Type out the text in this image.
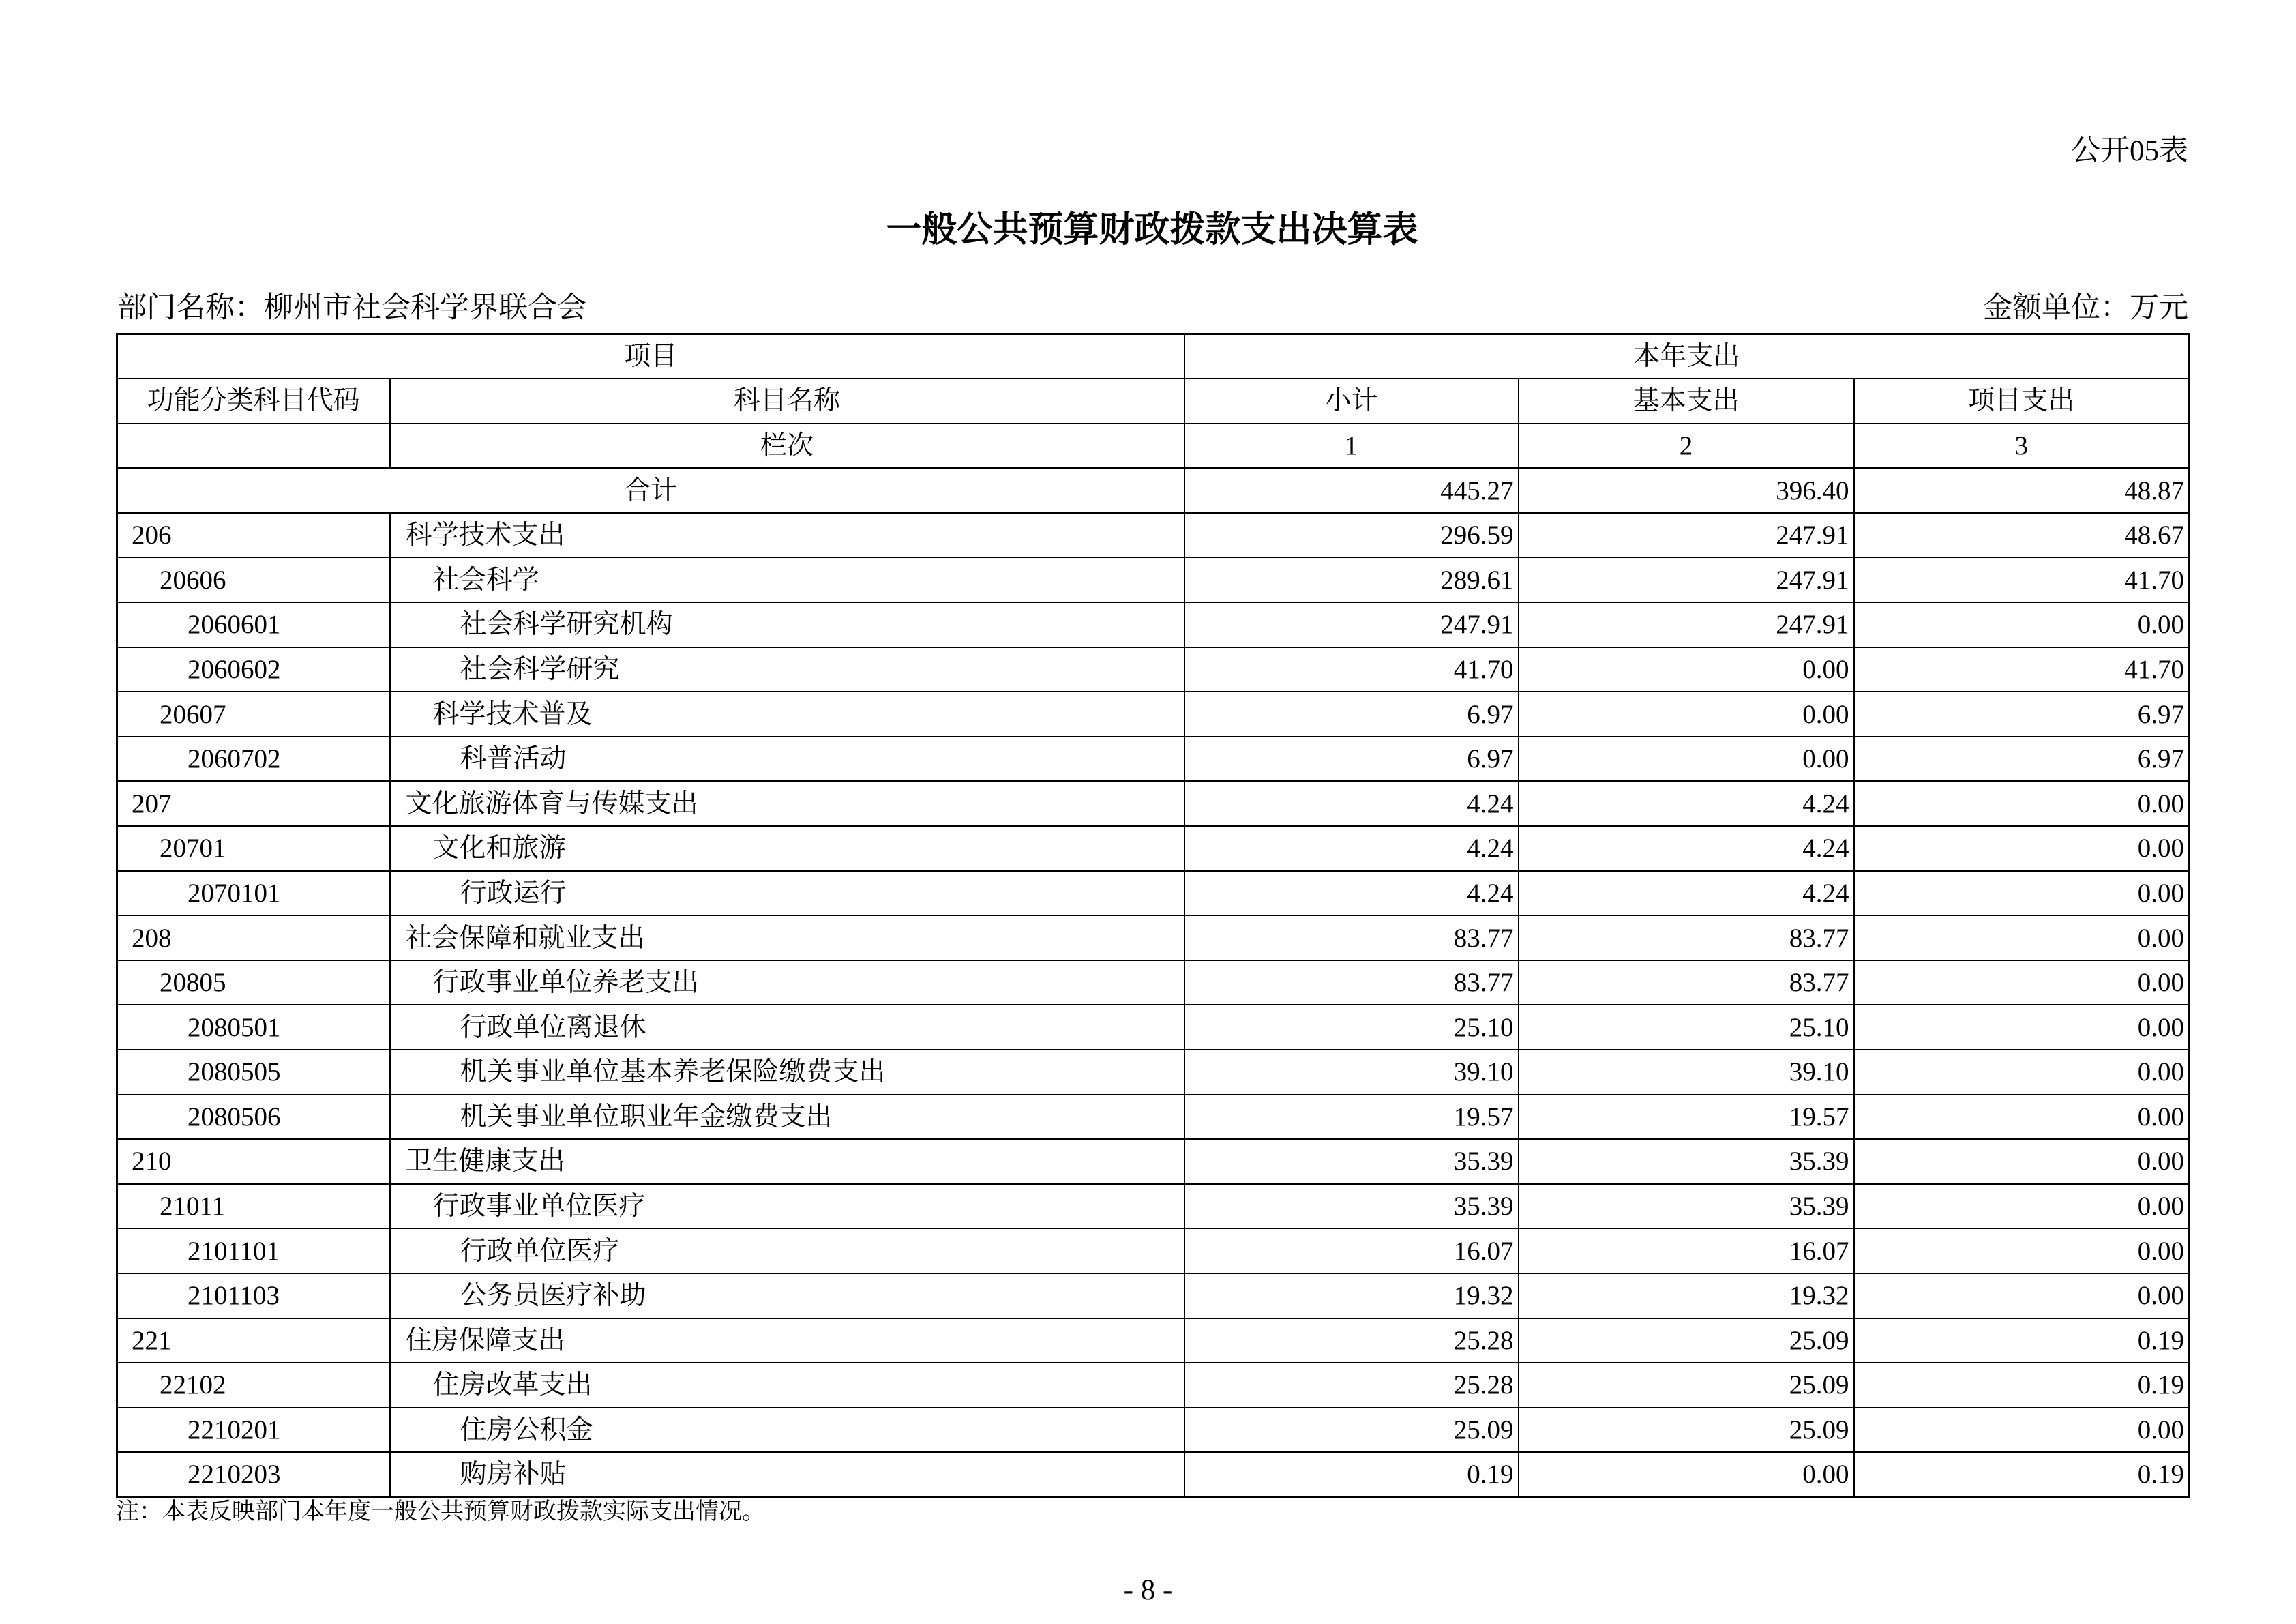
公开05表
一般公共预算财政拨款支出决算表
部门名称：柳州市社会科学界联合会	金额单位：万元
项目		本年支出		
功能分类科目代码	科目名称	小计	基本支出	项目支出
	栏次	1	2	3
合计		445.27	396.40	48.87
206	科学技术支出	296.59	247.91	48.67
20606	社会科学	289.61	247.91	41.70
2060601	社会科学研究机构	247.91	247.91	0.00
2060602	社会科学研究	41.70	0.00	41.70
20607	科学技术普及	6.97	0.00	6.97
2060702	科普活动	6.97	0.00	6.97
207	文化旅游体育与传媒支出	4.24	4.24	0.00
20701	文化和旅游	4.24	4.24	0.00
2070101	行政运行	4.24	4.24	0.00
208	社会保障和就业支出	83.77	83.77	0.00
20805	行政事业单位养老支出	83.77	83.77	0.00
2080501	行政单位离退休	25.10	25.10	0.00
2080505	机关事业单位基本养老保险缴费支出	39.10	39.10	0.00
2080506	机关事业单位职业年金缴费支出	19.57	19.57	0.00
210	卫生健康支出	35.39	35.39	0.00
21011	行政事业单位医疗	35.39	35.39	0.00
2101101	行政单位医疗	16.07	16.07	0.00
2101103	公务员医疗补助	19.32	19.32	0.00
221	住房保障支出	25.28	25.09	0.19
22102	住房改革支出	25.28	25.09	0.19
2210201	住房公积金	25.09	25.09	0.00
2210203	购房补贴	0.19	0.00	0.19
注：本表反映部门本年度一般公共预算财政拨款实际支出情况。
- 8 -
